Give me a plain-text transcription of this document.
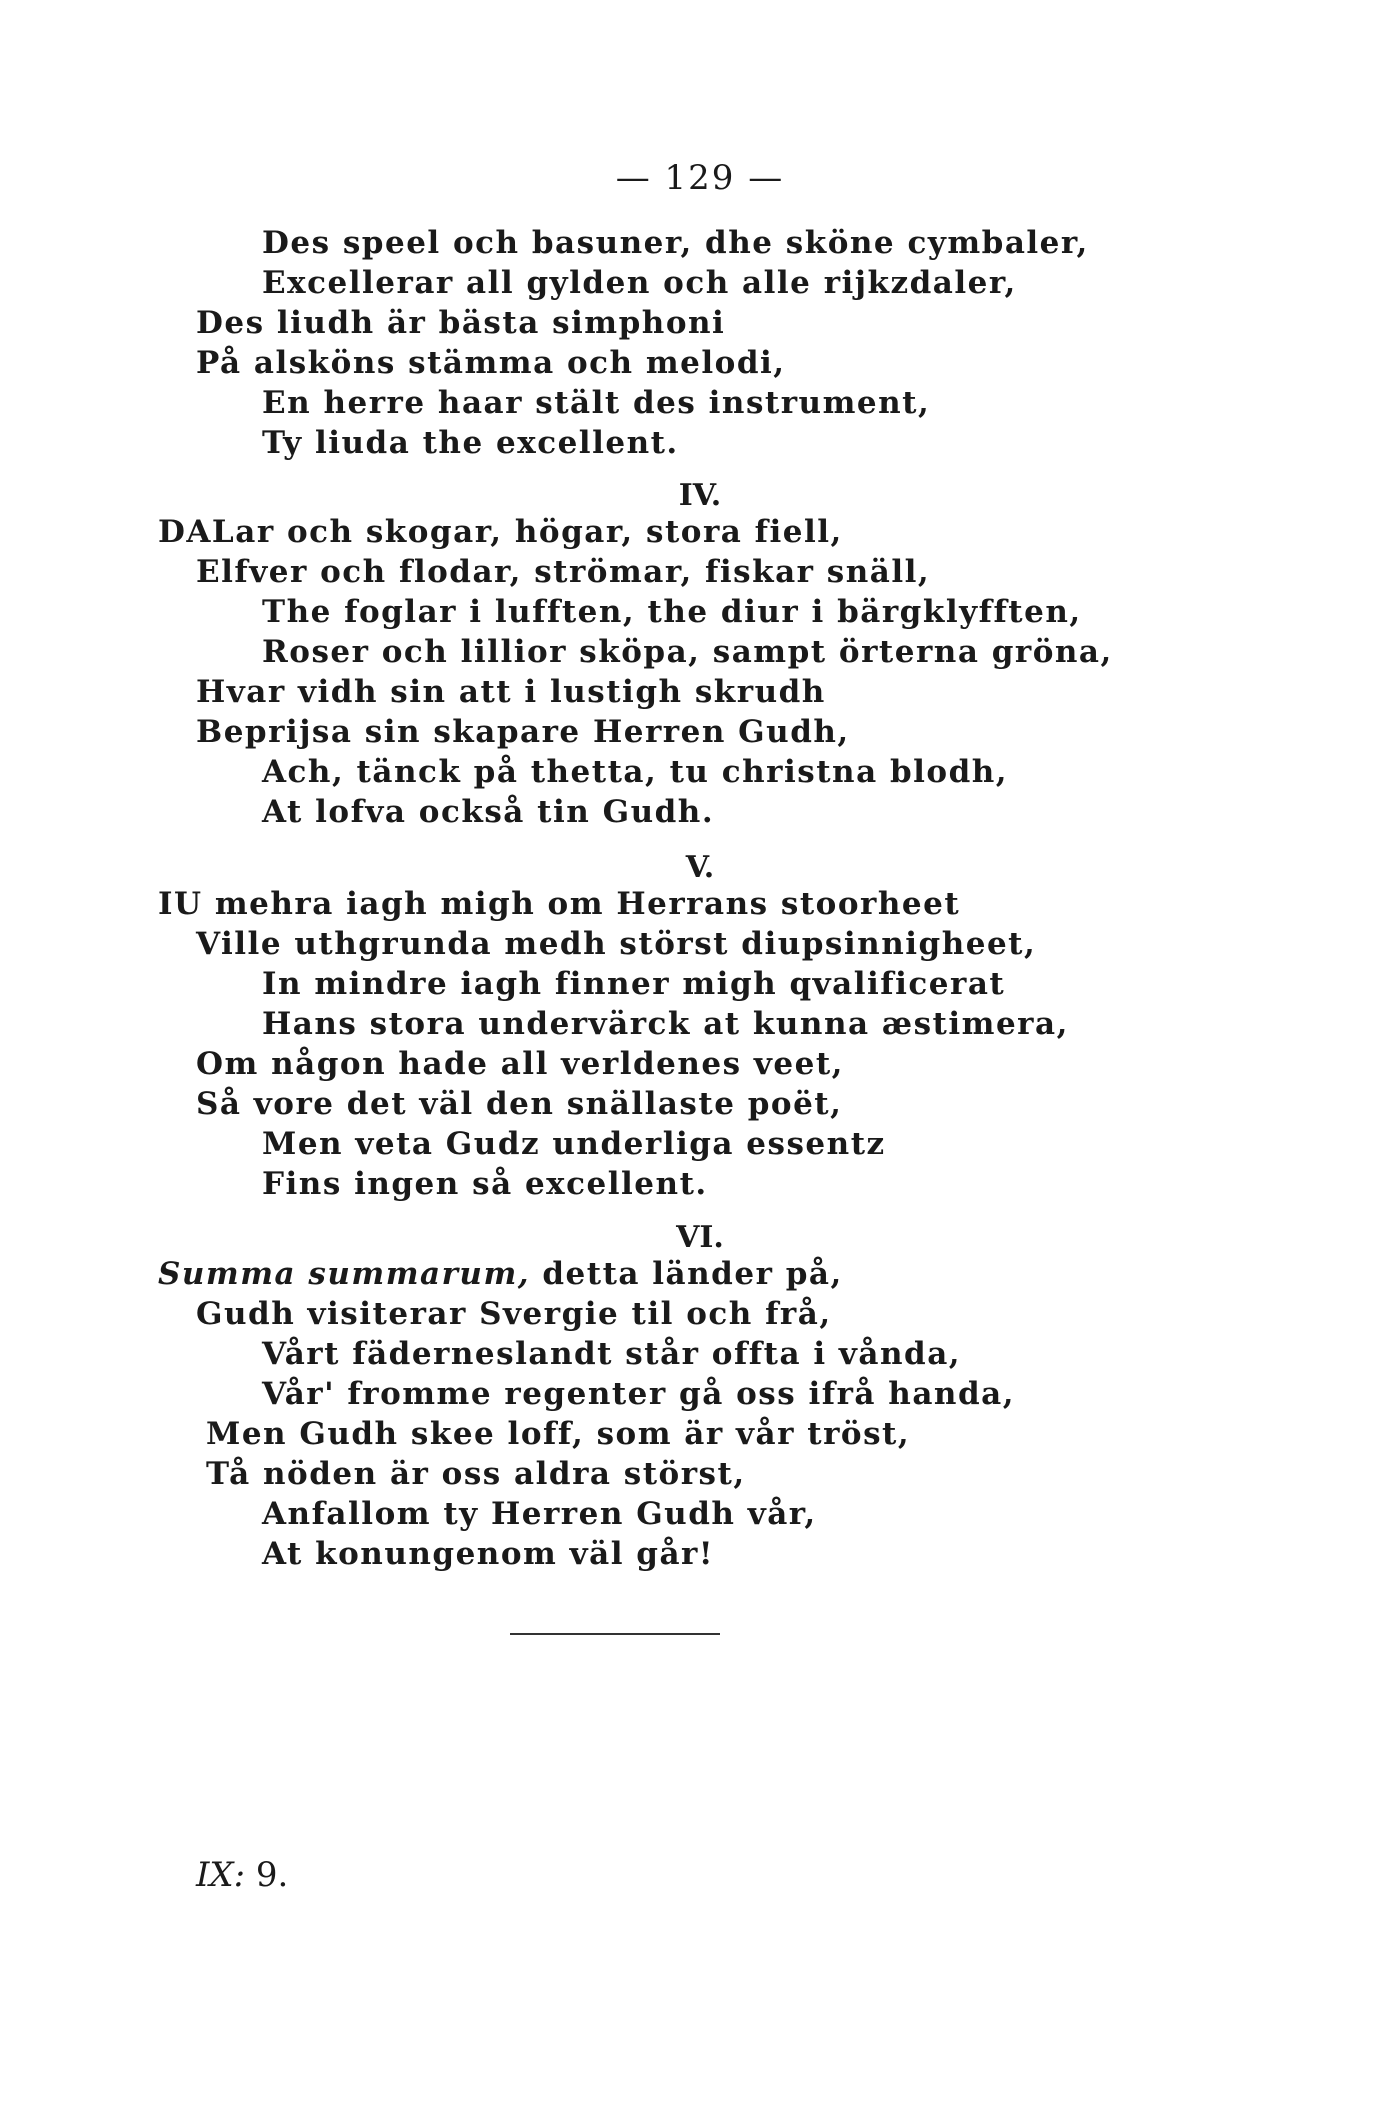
— 129 —
Des speel och basuner, dhe sköne cymbaler,
Excellerar all gylden och alle rijkzdaler,
Des liudh är bästa simphoni
På alsköns stämma och melodi,
En herre haar stält des instrument,
Ty liuda the excellent.
IV.
DALar och skogar, högar, stora fiell,
Elfver och flodar, strömar, fiskar snäll,
The foglar i lufften, the diur i bärgklyfften,
Roser och lillior sköpa, sampt örterna gröna,
Hvar vidh sin att i lustigh skrudh
Beprijsa sin skapare Herren Gudh,
Ach, tänck på thetta, tu christna blodh,
At lofva också tin Gudh.
V.
IU mehra iagh migh om Herrans stoorheet
Ville uthgrunda medh störst diupsinnigheet,
In mindre iagh finner migh qvalificerat
Hans stora undervärck at kunna æstimera,
Om någon hade all verldenes veet,
Så vore det väl den snällaste poët,
Men veta Gudz underliga essentz
Fins ingen så excellent.
VI.
Summa summarum, detta länder på,
Gudh visiterar Svergie til och frå,
Vårt fäderneslandt står offta i vånda,
Vår' fromme regenter gå oss ifrå handa,
Men Gudh skee loff, som är vår tröst,
Tå nöden är oss aldra störst,
Anfallom ty Herren Gudh vår,
At konungenom väl går!
IX: 9.
